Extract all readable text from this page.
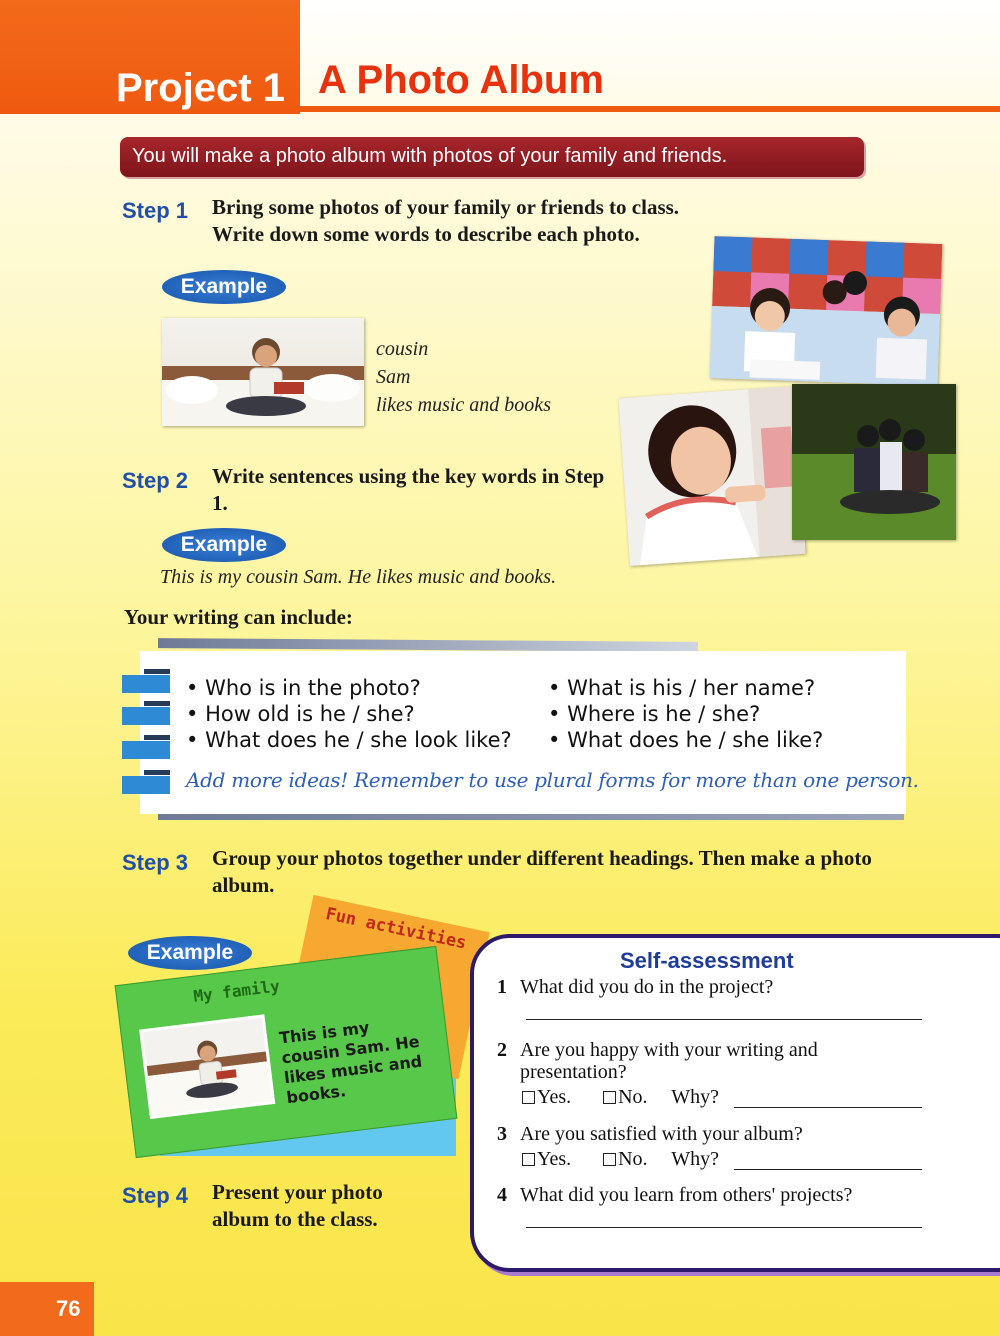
Project 1 A Photo Album
You will make a photo album with photos of your family and friends.
Step 1 Bring some photos of your family or friends to class. Write down some words to describe each photo.
Example
cousin
Sam
likes music and books
Step 2 Write sentences using the key words in Step 1.
Example
This is my cousin Sam. He likes music and books.
Your writing can include:
• Who is in the photo?
• How old is he / she?
• What does he / she look like?
• What is his / her name?
• Where is he / she?
• What does he / she like?
Add more ideas! Remember to use plural forms for more than one person.
Step 3 Group your photos together under different headings. Then make a photo album.
Example	Fun activities
My family
This is my cousin Sam. He likes music and books.
Step 4 Present your photo album to the class.
Self-assessment
1 What did you do in the project?
2 Are you happy with your writing and
presentation?
Yes. No. Why?
3 Are you satisfied with your album?
Yes. No. Why?
4 What did you learn from others' projects?
76
